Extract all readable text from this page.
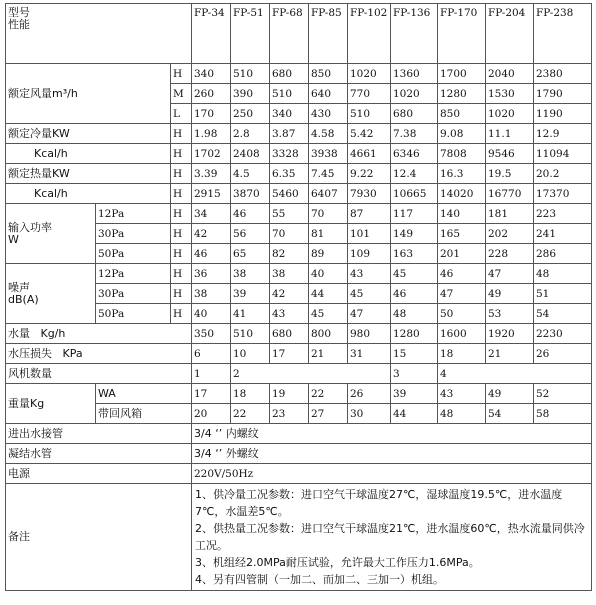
型号
性能			FP-34	FP-51	FP-68	FP-85	FP-102	FP-136	FP-170	FP-204	FP-238
额定风量m³/h		H	340	510	680	850	1020	1360	1700	2040	2380
		M	260	390	510	640	770	1020	1280	1530	1790
		L	170	250	340	430	510	680	850	1020	1190
额定冷量KW		H	1.98	2.8	3.87	4.58	5.42	7.38	9.08	11.1	12.9
Kcal/h		H	1702	2408	3328	3938	4661	6346	7808	9546	11094
额定热量KW		H	3.39	4.5	6.35	7.45	9.22	12.4	16.3	19.5	20.2
Kcal/h		H	2915	3870	5460	6407	7930	10665	14020	16770	17370
输入功率
W	12Pa	H	34	46	55	70	87	117	140	181	223
	30Pa	H	42	56	70	81	101	149	165	202	241
	50Pa	H	46	65	82	89	109	163	201	228	286
噪声
dB(A)	12Pa	H	36	38	38	40	43	45	46	47	48
	30Pa	H	38	39	42	44	45	46	47	49	51
	50Pa	H	40	41	43	45	47	48	50	53	54
水量   Kg/h			350	510	680	800	980	1280	1600	1920	2230
水压损失   KPa			6	10	17	21	31	15	18	21	26
风机数量			1	2				3	4		
重量Kg	WA		17	18	19	22	26	39	43	49	52
	带回风箱		20	22	23	27	30	44	48	54	58
进出水接管			3/4 ‘’ 内螺纹								
凝结水管			3/4 ‘’ 外螺纹								
电源			220V/50Hz								
备注			1、供冷量工况参数：进口空气干球温度27℃，湿球温度19.5℃，进水温度7℃，水温差5℃。
2、供热量工况参数：进口空气干球温度21℃，进水温度60℃，热水流量同供冷工况。
3、机组经2.0MPa耐压试验，允许最大工作压力1.6MPa。
4、另有四管制（一加二、而加二、三加一）机组。								
